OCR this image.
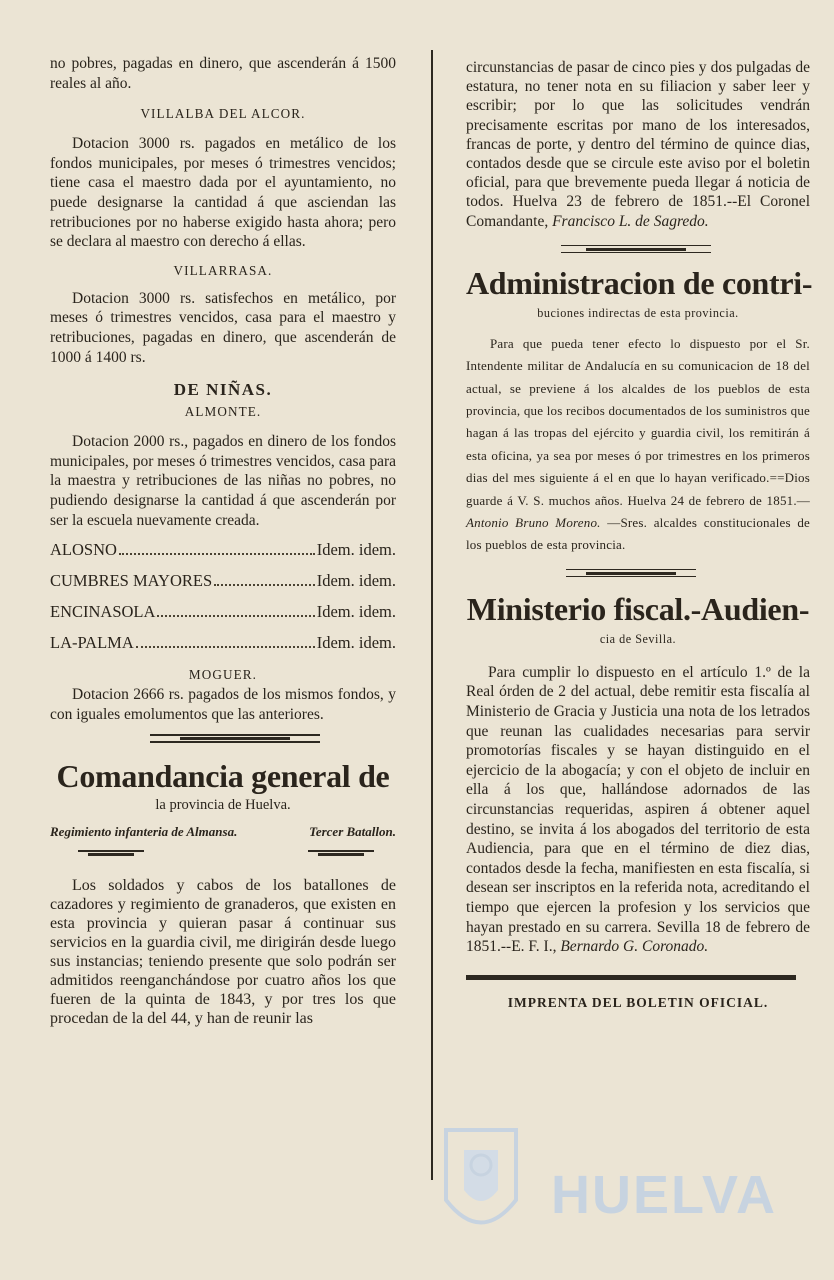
no pobres, pagadas en dinero, que ascenderán á 1500 reales al año.

VILLALBA DEL ALCOR.

Dotacion 3000 rs. pagados en metálico de los fondos municipales, por meses ó trimestres vencidos; tiene casa el maestro dada por el ayuntamiento, no puede designarse la cantidad á que asciendan las retribuciones por no haberse exigido hasta ahora; pero se declara al maestro con derecho á ellas.

VILLARRASA.

Dotacion 3000 rs. satisfechos en metálico, por meses ó trimestres vencidos, casa para el maestro y retribuciones, pagadas en dinero, que ascenderán de 1000 á 1400 rs.

DE NIÑAS.

ALMONTE.

Dotacion 2000 rs., pagados en dinero de los fondos municipales, por meses ó trimestres vencidos, casa para la maestra y retribuciones de las niñas no pobres, no pudiendo designarse la cantidad á que ascenderán por ser la escuela nuevamente creada.

ALOSNO	Idem. idem.
CUMBRES MAYORES	Idem. idem.
ENCINASOLA	Idem. idem.
LA-PALMA	Idem. idem.

MOGUER.

Dotacion 2666 rs. pagados de los mismos fondos, y con iguales emolumentos que las anteriores.

Comandancia general de

la provincia de Huelva.

Regimiento infanteria de Almansa.	Tercer Batallon.

Los soldados y cabos de los batallones de cazadores y regimiento de granaderos, que existen en esta provincia y quieran pasar á continuar sus servicios en la guardia civil, me dirigirán desde luego sus instancias; teniendo presente que solo podrán ser admitidos reenganchándose por cuatro años los que fueren de la quinta de 1843, y por tres los que procedan de la del 44, y han de reunir las

circunstancias de pasar de cinco pies y dos pulgadas de estatura, no tener nota en su filiacion y saber leer y escribir; por lo que las solicitudes vendrán precisamente escritas por mano de los interesados, francas de porte, y dentro del término de quince dias, contados desde que se circule este aviso por el boletin oficial, para que brevemente pueda llegar á noticia de todos. Huelva 23 de febrero de 1851.--El Coronel Comandante, Francisco L. de Sagredo.

Administracion de contri-

buciones indirectas de esta provincia.

Para que pueda tener efecto lo dispuesto por el Sr. Intendente militar de Andalucía en su comunicacion de 18 del actual, se previene á los alcaldes de los pueblos de esta provincia, que los recibos documentados de los suministros que hagan á las tropas del ejército y guardia civil, los remitirán á esta oficina, ya sea por meses ó por trimestres en los primeros dias del mes siguiente á el en que lo hayan verificado.==Dios guarde á V. S. muchos años. Huelva 24 de febrero de 1851.—Antonio Bruno Moreno. —Sres. alcaldes constitucionales de los pueblos de esta provincia.

Ministerio fiscal.-Audien-

cia de Sevilla.

Para cumplir lo dispuesto en el artículo 1.º de la Real órden de 2 del actual, debe remitir esta fiscalía al Ministerio de Gracia y Justicia una nota de los letrados que reunan las cualidades necesarias para servir promotorías fiscales y se hayan distinguido en el ejercicio de la abogacía; y con el objeto de incluir en ella á los que, hallándose adornados de las circunstancias requeridas, aspiren á obtener aquel destino, se invita á los abogados del territorio de esta Audiencia, para que en el término de diez dias, contados desde la fecha, manifiesten en esta fiscalía, si desean ser inscriptos en la referida nota, acreditando el tiempo que ejercen la profesion y los servicios que hayan prestado en su carrera. Sevilla 18 de febrero de 1851.--E. F. I., Bernardo G. Coronado.

IMPRENTA DEL BOLETIN OFICIAL.

HUELVA
